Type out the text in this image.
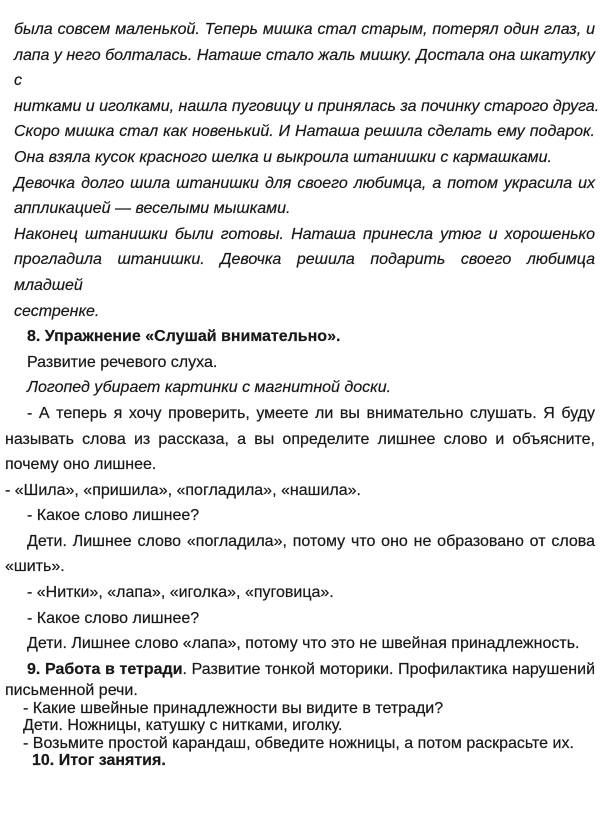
была совсем маленькой. Теперь мишка стал старым, потерял один глаз, и
лапа у него болталась. Наташе стало жаль мишку. Достала она шкатулку с
нитками и иголками, нашла пуговицу и принялась за починку старого друга.
Скоро мишка стал как новенький. И Наташа решила сделать ему подарок.
Она взяла кусок красного шелка и выкроила штанишки с кармашками.
Девочка долго шила штанишки для своего любимца, а потом украсила их
аппликацией — веселыми мышками.
Наконец штанишки были готовы. Наташа принесла утюг и хорошенько
прогладила штанишки. Девочка решила подарить своего любимца младшей
сестренке.
8. Упражнение «Слушай внимательно».
Развитие речевого слуха.
Логопед убирает картинки с магнитной доски.
- А теперь я хочу проверить, умеете ли вы внимательно слушать. Я буду
называть слова из рассказа, а вы определите лишнее слово и объясните,
почему оно лишнее.
- «Шила», «пришила», «погладила», «нашила».
- Какое слово лишнее?
Дети. Лишнее слово «погладила», потому что оно не образовано от слова
«шить».
- «Нитки», «лапа», «иголка», «пуговица».
- Какое слово лишнее?
Дети. Лишнее слово «лапа», потому что это не швейная принадлежность.
9. Работа в тетради. Развитие тонкой моторики. Профилактика нарушений
письменной речи.
- Какие швейные принадлежности вы видите в тетради?
Дети. Ножницы, катушку с нитками, иголку.
- Возьмите простой карандаш, обведите ножницы, а потом раскрасьте их.
10. Итог занятия.
